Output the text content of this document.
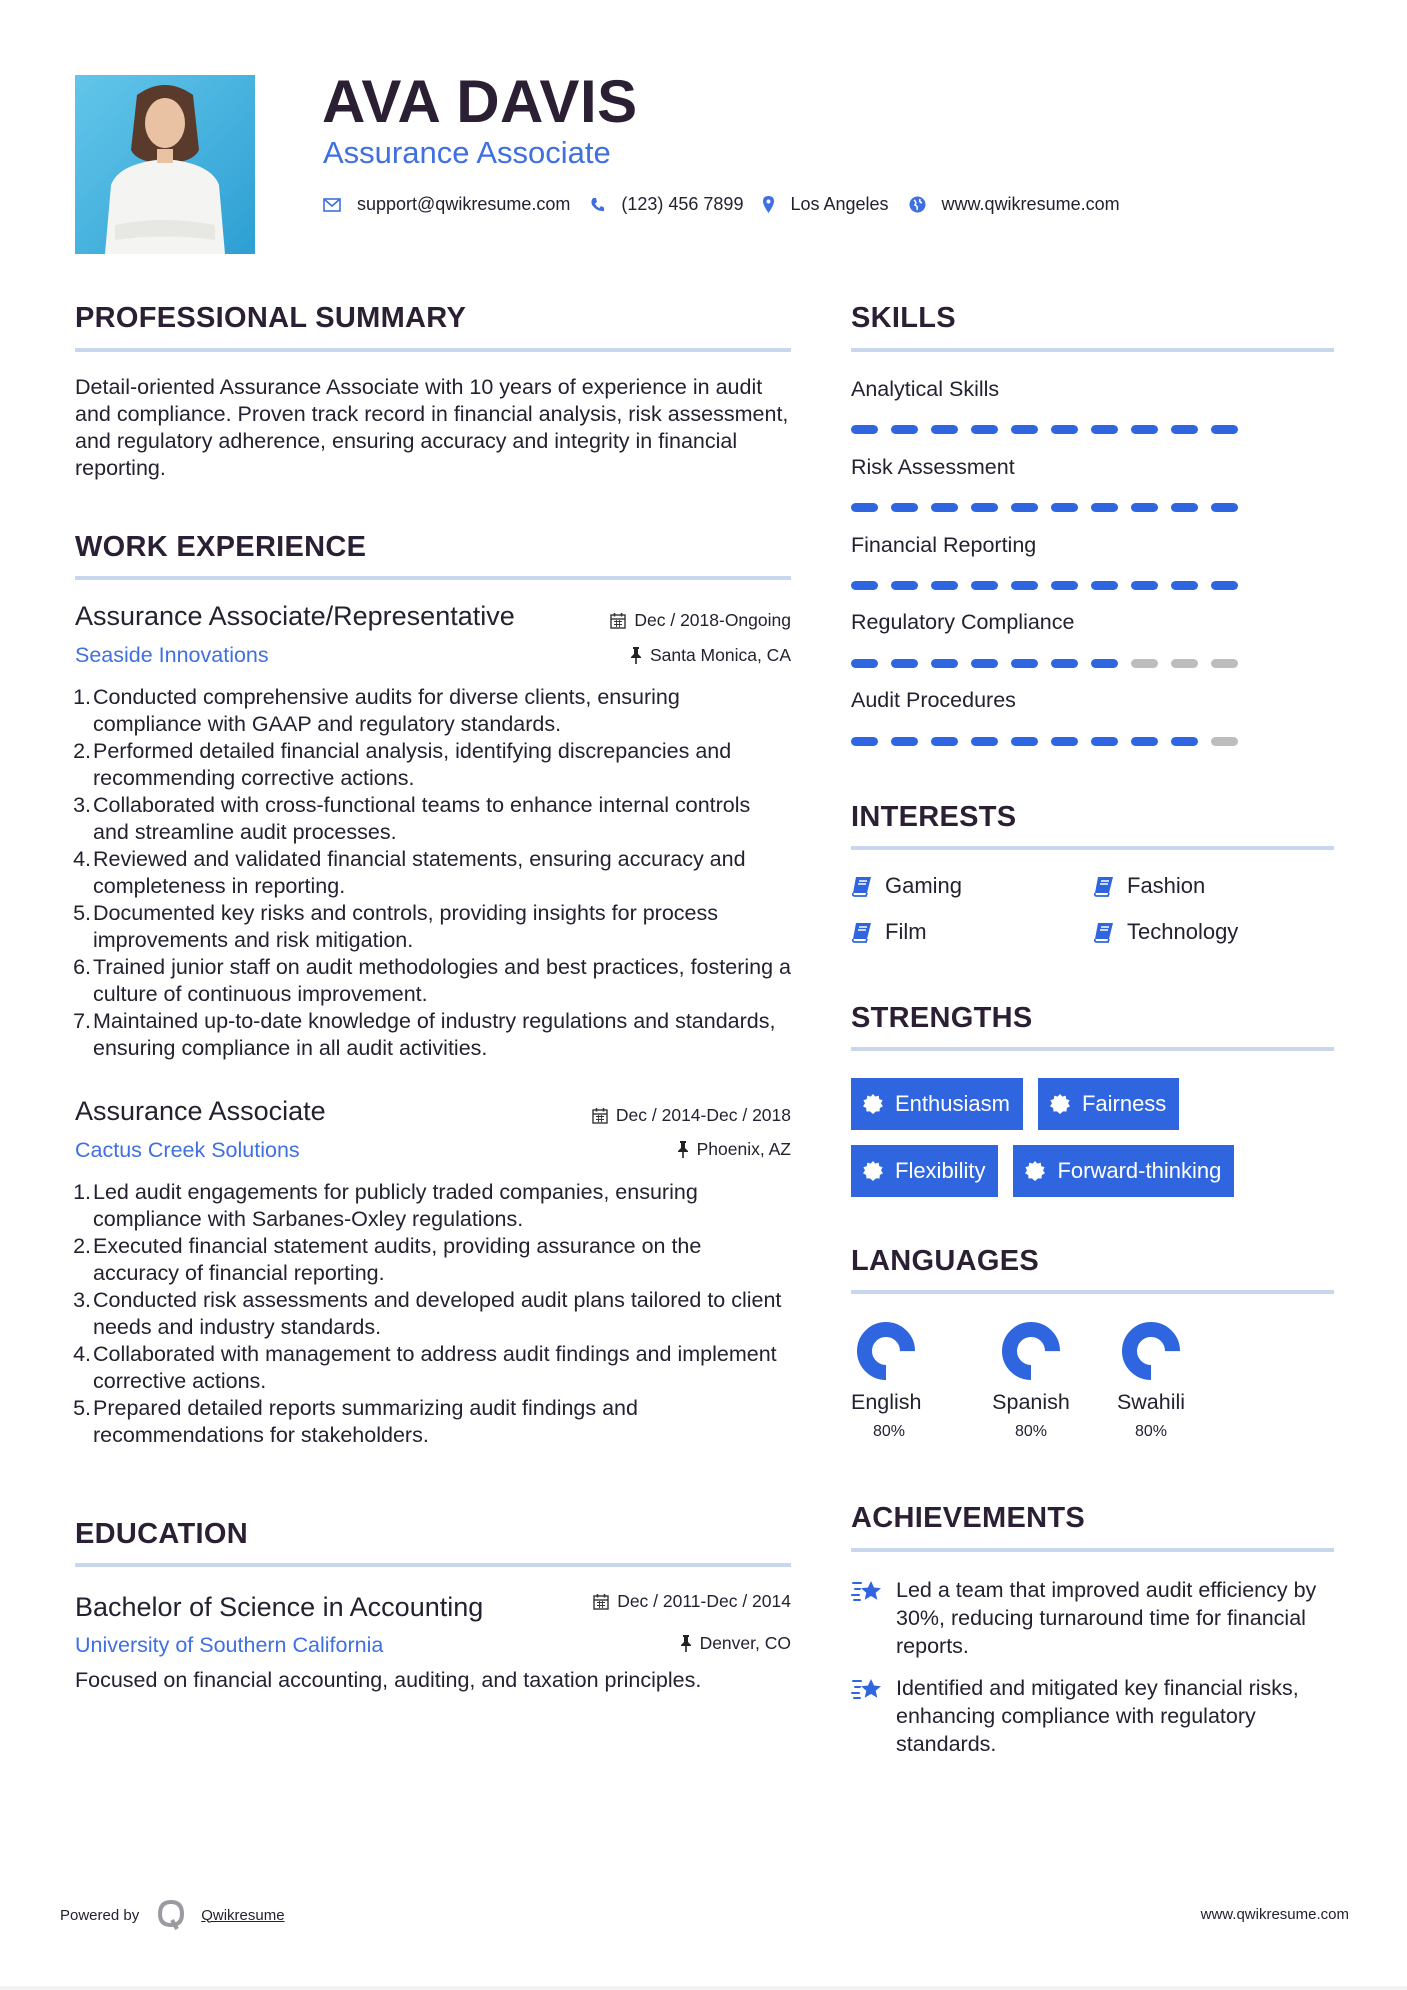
AVA DAVIS
Assurance Associate
support@qwikresume.com	(123) 456 7899	Los Angeles	www.qwikresume.com
PROFESSIONAL SUMMARY
Detail-oriented Assurance Associate with 10 years of experience in audit and compliance. Proven track record in financial analysis, risk assessment, and regulatory adherence, ensuring accuracy and integrity in financial reporting.
WORK EXPERIENCE
Assurance Associate/Representative	Dec / 2018-Ongoing
Seaside Innovations	Santa Monica, CA
1. Conducted comprehensive audits for diverse clients, ensuring compliance with GAAP and regulatory standards.
2. Performed detailed financial analysis, identifying discrepancies and recommending corrective actions.
3. Collaborated with cross-functional teams to enhance internal controls and streamline audit processes.
4. Reviewed and validated financial statements, ensuring accuracy and completeness in reporting.
5. Documented key risks and controls, providing insights for process improvements and risk mitigation.
6. Trained junior staff on audit methodologies and best practices, fostering a culture of continuous improvement.
7. Maintained up-to-date knowledge of industry regulations and standards, ensuring compliance in all audit activities.
Assurance Associate	Dec / 2014-Dec / 2018
Cactus Creek Solutions	Phoenix, AZ
1. Led audit engagements for publicly traded companies, ensuring compliance with Sarbanes-Oxley regulations.
2. Executed financial statement audits, providing assurance on the accuracy of financial reporting.
3. Conducted risk assessments and developed audit plans tailored to client needs and industry standards.
4. Collaborated with management to address audit findings and implement corrective actions.
5. Prepared detailed reports summarizing audit findings and recommendations for stakeholders.
EDUCATION
Bachelor of Science in Accounting	Dec / 2011-Dec / 2014
University of Southern California	Denver, CO
Focused on financial accounting, auditing, and taxation principles.
SKILLS
Analytical Skills
Risk Assessment
Financial Reporting
Regulatory Compliance
Audit Procedures
INTERESTS
Gaming	Fashion
Film	Technology
STRENGTHS
Enthusiasm	Fairness
Flexibility	Forward-thinking
LANGUAGES
English
80%
Spanish
80%
Swahili
80%
ACHIEVEMENTS
Led a team that improved audit efficiency by 30%, reducing turnaround time for financial reports.
Identified and mitigated key financial risks, enhancing compliance with regulatory standards.
Powered by	Qwikresume	www.qwikresume.com
